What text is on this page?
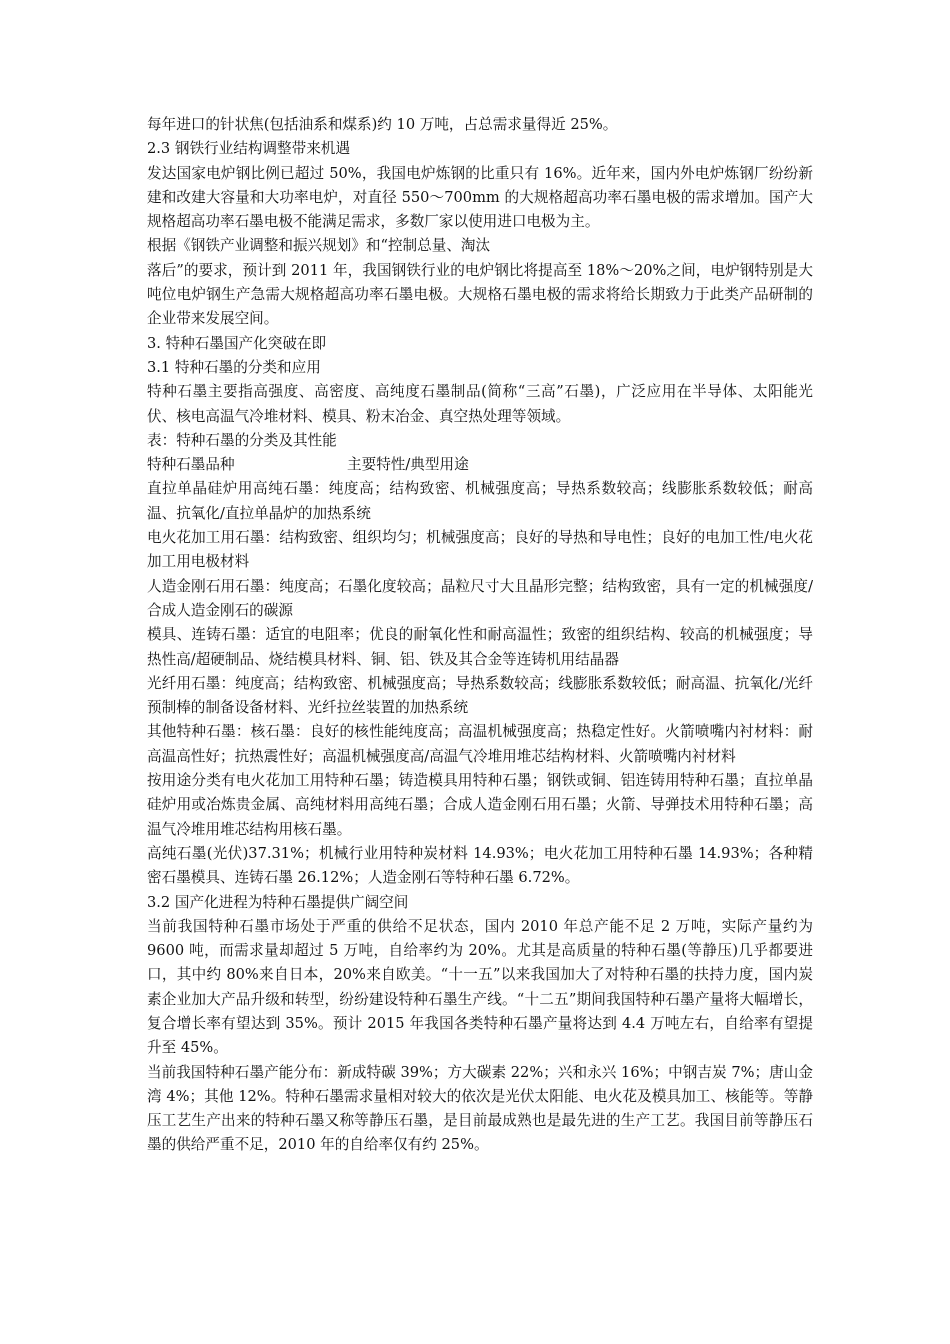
每年进口的针状焦(包括油系和煤系)约 10 万吨，占总需求量得近 25%。

2.3 钢铁行业结构调整带来机遇

发达国家电炉钢比例已超过 50%，我国电炉炼钢的比重只有 16%。近年来，国内外电炉炼钢厂纷纷新建和改建大容量和大功率电炉，对直径 550～700mm 的大规格超高功率石墨电极的需求增加。国产大规格超高功率石墨电极不能满足需求，多数厂家以使用进口电极为主。

根据《钢铁产业调整和振兴规划》和“控制总量、淘汰

落后”的要求，预计到 2011 年，我国钢铁行业的电炉钢比将提高至 18%～20%之间，电炉钢特别是大吨位电炉钢生产急需大规格超高功率石墨电极。大规格石墨电极的需求将给长期致力于此类产品研制的企业带来发展空间。

3. 特种石墨国产化突破在即

3.1 特种石墨的分类和应用

特种石墨主要指高强度、高密度、高纯度石墨制品(简称“三高”石墨)，广泛应用在半导体、太阳能光伏、核电高温气冷堆材料、模具、粉末冶金、真空热处理等领域。

表：特种石墨的分类及其性能

特种石墨品种	主要特性/典型用途

直拉单晶硅炉用高纯石墨：纯度高；结构致密、机械强度高；导热系数较高；线膨胀系数较低；耐高温、抗氧化/直拉单晶炉的加热系统

电火花加工用石墨：结构致密、组织均匀；机械强度高；良好的导热和导电性；良好的电加工性/电火花加工用电极材料

人造金刚石用石墨：纯度高；石墨化度较高；晶粒尺寸大且晶形完整；结构致密，具有一定的机械强度/合成人造金刚石的碳源

模具、连铸石墨：适宜的电阻率；优良的耐氧化性和耐高温性；致密的组织结构、较高的机械强度；导热性高/超硬制品、烧结模具材料、铜、铝、铁及其合金等连铸机用结晶器

光纤用石墨：纯度高；结构致密、机械强度高；导热系数较高；线膨胀系数较低；耐高温、抗氧化/光纤预制棒的制备设备材料、光纤拉丝装置的加热系统

其他特种石墨：核石墨：良好的核性能纯度高；高温机械强度高；热稳定性好。火箭喷嘴内衬材料：耐高温高性好；抗热震性好；高温机械强度高/高温气冷堆用堆芯结构材料、火箭喷嘴内衬材料

按用途分类有电火花加工用特种石墨；铸造模具用特种石墨；钢铁或铜、铝连铸用特种石墨；直拉单晶硅炉用或冶炼贵金属、高纯材料用高纯石墨；合成人造金刚石用石墨；火箭、导弹技术用特种石墨；高温气冷堆用堆芯结构用核石墨。

高纯石墨(光伏)37.31%；机械行业用特种炭材料 14.93%；电火花加工用特种石墨 14.93%；各种精密石墨模具、连铸石墨 26.12%；人造金刚石等特种石墨 6.72%。

3.2 国产化进程为特种石墨提供广阔空间

当前我国特种石墨市场处于严重的供给不足状态，国内 2010 年总产能不足 2 万吨，实际产量约为 9600 吨，而需求量却超过 5 万吨，自给率约为 20%。尤其是高质量的特种石墨(等静压)几乎都要进口，其中约 80%来自日本，20%来自欧美。“十一五”以来我国加大了对特种石墨的扶持力度，国内炭素企业加大产品升级和转型，纷纷建设特种石墨生产线。“十二五”期间我国特种石墨产量将大幅增长，复合增长率有望达到 35%。预计 2015 年我国各类特种石墨产量将达到 4.4 万吨左右，自给率有望提升至 45%。

当前我国特种石墨产能分布：新成特碳 39%；方大碳素 22%；兴和永兴 16%；中钢吉炭 7%；唐山金湾 4%；其他 12%。特种石墨需求量相对较大的依次是光伏太阳能、电火花及模具加工、核能等。等静压工艺生产出来的特种石墨又称等静压石墨，是目前最成熟也是最先进的生产工艺。我国目前等静压石墨的供给严重不足，2010 年的自给率仅有约 25%。
